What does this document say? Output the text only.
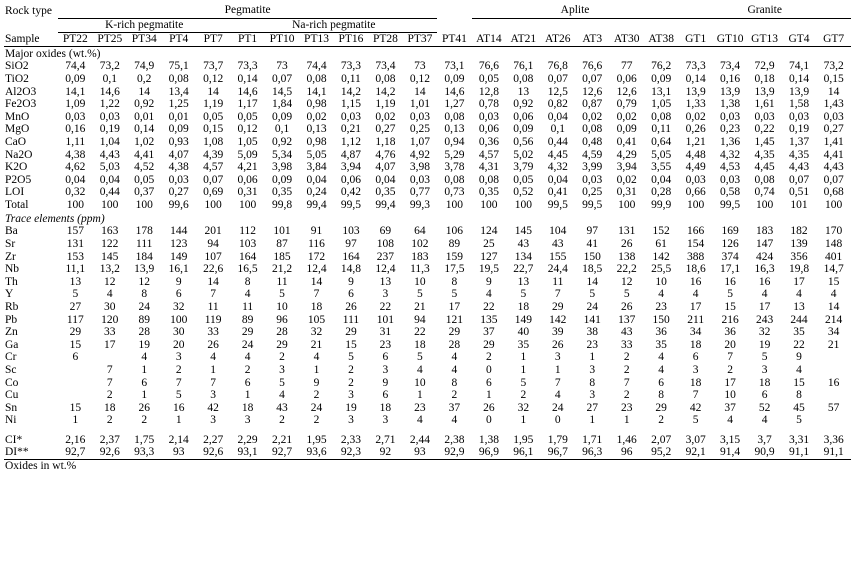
Rock type	Pegmatite												Aplite						Granite				
	K-rich pegmatite					Na-rich pegmatite																	
Sample	PT22	PT25	PT34	PT4	PT7	PT1	PT10	PT13	PT16	PT28	PT37	PT41	AT14	AT21	AT26	AT3	AT30	AT38	GT1	GT10	GT13	GT4	GT7
Major oxides (wt.%)																							
SiO2	74,4	73,2	74,9	75,1	73,7	73,3	73	74,4	73,3	73,4	73	73,1	76,6	76,1	76,8	76,6	77	76,2	73,3	73,4	72,9	74,1	73,2
TiO2	0,09	0,1	0,2	0,08	0,12	0,14	0,07	0,08	0,11	0,08	0,12	0,09	0,05	0,08	0,07	0,07	0,06	0,09	0,14	0,16	0,18	0,14	0,15
Al2O3	14,1	14,6	14	13,4	14	14,6	14,5	14,1	14,2	14,2	14	14,6	12,8	13	12,5	12,6	12,6	13,1	13,9	13,9	13,9	13,9	14
Fe2O3	1,09	1,22	0,92	1,25	1,19	1,17	1,84	0,98	1,15	1,19	1,01	1,27	0,78	0,92	0,82	0,87	0,79	1,05	1,33	1,38	1,61	1,58	1,43
MnO	0,03	0,03	0,01	0,01	0,05	0,05	0,09	0,02	0,03	0,02	0,03	0,08	0,03	0,06	0,04	0,02	0,02	0,08	0,02	0,03	0,03	0,03	0,03
MgO	0,16	0,19	0,14	0,09	0,15	0,12	0,1	0,13	0,21	0,27	0,25	0,13	0,06	0,09	0,1	0,08	0,09	0,11	0,26	0,23	0,22	0,19	0,27
CaO	1,11	1,04	1,02	0,93	1,08	1,05	0,92	0,98	1,12	1,18	1,07	0,94	0,36	0,56	0,44	0,48	0,41	0,64	1,21	1,36	1,45	1,37	1,41
Na2O	4,38	4,43	4,41	4,07	4,39	5,09	5,34	5,05	4,87	4,76	4,92	5,29	4,57	5,02	4,45	4,59	4,29	5,05	4,48	4,32	4,35	4,35	4,41
K2O	4,62	5,03	4,52	4,38	4,57	4,21	3,98	3,84	3,94	4,07	3,98	3,78	4,31	3,79	4,32	3,99	3,94	3,55	4,49	4,53	4,45	4,43	4,43
P2O5	0,04	0,04	0,05	0,03	0,07	0,06	0,09	0,04	0,06	0,04	0,03	0,08	0,08	0,05	0,04	0,03	0,02	0,04	0,03	0,03	0,08	0,07	0,07
LOI	0,32	0,44	0,37	0,27	0,69	0,31	0,35	0,24	0,42	0,35	0,77	0,73	0,35	0,52	0,41	0,25	0,31	0,28	0,66	0,58	0,74	0,51	0,68
Total	100	100	100	99,6	100	100	99,8	99,4	99,5	99,4	99,3	100	100	100	99,5	99,5	100	99,9	100	99,5	100	101	100
Trace elements (ppm)																							
Ba	157	163	178	144	201	112	101	91	103	69	64	106	124	145	104	97	131	152	166	169	183	182	170
Sr	131	122	111	123	94	103	87	116	97	108	102	89	25	43	43	41	26	61	154	126	147	139	148
Zr	153	145	184	149	107	164	185	172	164	237	183	159	127	134	155	150	138	142	388	374	424	356	401
Nb	11,1	13,2	13,9	16,1	22,6	16,5	21,2	12,4	14,8	12,4	11,3	17,5	19,5	22,7	24,4	18,5	22,2	25,5	18,6	17,1	16,3	19,8	14,7
Th	13	12	12	9	14	8	11	14	9	13	10	8	9	13	11	14	12	10	16	16	16	17	15
Y	5	4	8	6	7	4	5	7	6	3	5	5	4	5	7	5	5	4	4	5	4	4	4
Rb	27	30	24	32	11	11	10	18	26	22	21	17	22	18	29	24	26	23	17	15	17	13	14
Pb	117	120	89	100	119	89	96	105	111	101	94	121	135	149	142	141	137	150	211	216	243	244	214
Zn	29	33	28	30	33	29	28	32	29	31	22	29	37	40	39	38	43	36	34	36	32	35	34
Ga	15	17	19	20	26	24	29	21	15	23	18	28	29	35	26	23	33	35	18	20	19	22	21
Cr	6		4	3	4	4	2	4	5	6	5	4	2	1	3	1	2	4	6	7	5	9	
Sc		7	1	2	1	2	3	1	2	3	4	4	0	1	1	3	2	4	3	2	3	4	
Co		7	6	7	7	6	5	9	2	9	10	8	6	5	7	8	7	6	18	17	18	15	16
Cu		2	1	5	3	1	4	2	3	6	1	2	1	2	4	3	2	8	7	10	6	8	
Sn	15	18	26	16	42	18	43	24	19	18	23	37	26	32	24	27	23	29	42	37	52	45	57
Ni	1	2	2	1	3	3	2	2	3	3	4	4	0	1	0	1	1	2	5	4	4	5	

CI*	2,16	2,37	1,75	2,14	2,27	2,29	2,21	1,95	2,33	2,71	2,44	2,38	1,38	1,95	1,79	1,71	1,46	2,07	3,07	3,15	3,7	3,31	3,36
DI**	92,7	92,6	93,3	93	92,6	93,1	92,7	93,6	92,3	92	93	92,9	96,9	96,1	96,7	96,3	96	95,2	92,1	91,4	90,9	91,1	91,1

Oxides in wt.%																							
